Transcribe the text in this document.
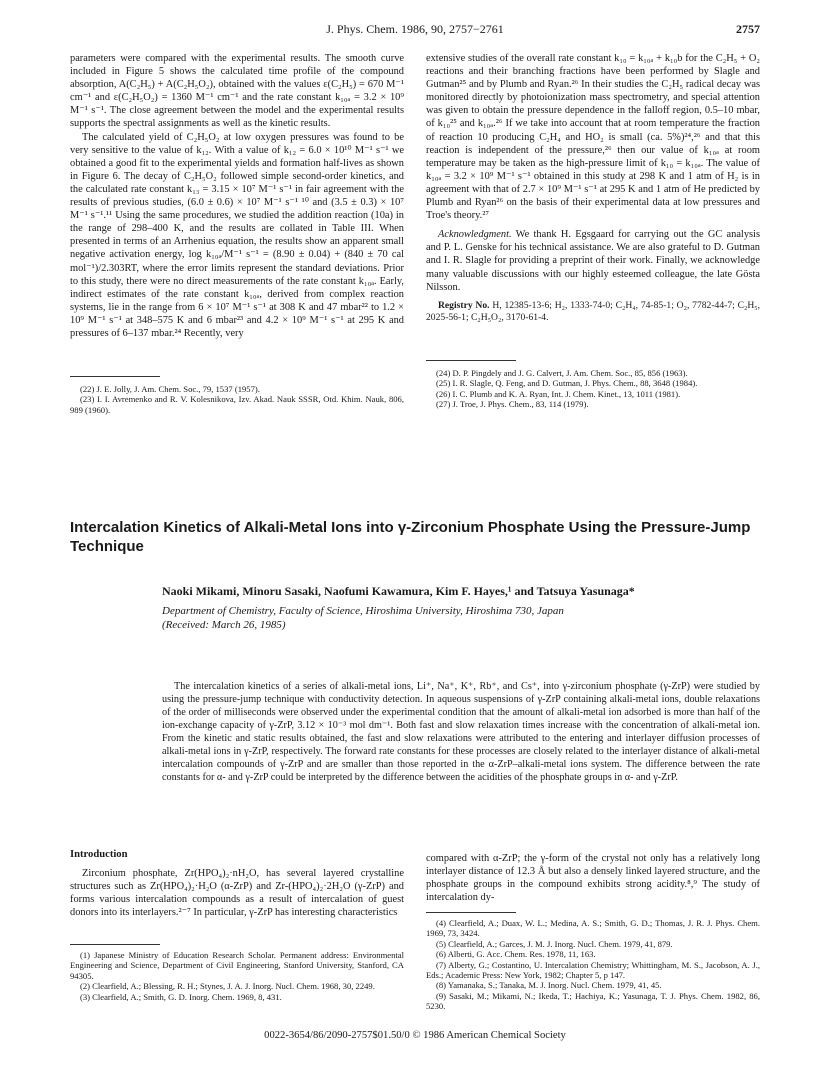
J. Phys. Chem. 1986, 90, 2757−2761	2757

parameters were compared with the experimental results. The smooth curve included in Figure 5 shows the calculated time profile of the compound absorption, A(C₂H₅) + A(C₂H₅O₂), obtained with the values ε(C₂H₅) = 670 M⁻¹ cm⁻¹ and ε(C₂H₅O₂) = 1360 M⁻¹ cm⁻¹ and the rate constant k₁₀ₐ = 3.2 × 10⁹ M⁻¹ s⁻¹. The close agreement between the model and the experimental results supports the spectral assignments as well as the kinetic results.

The calculated yield of C₂H₅O₂ at low oxygen pressures was found to be very sensitive to the value of k₁₂. With a value of k₁₂ = 6.0 × 10¹⁰ M⁻¹ s⁻¹ we obtained a good fit to the experimental yields and formation half-lives as shown in Figure 6. The decay of C₂H₅O₂ followed simple second-order kinetics, and the calculated rate constant k₁₃ = 3.15 × 10⁷ M⁻¹ s⁻¹ in fair agreement with the results of previous studies, (6.0 ± 0.6) × 10⁷ M⁻¹ s⁻¹ ¹⁰ and (3.5 ± 0.3) × 10⁷ M⁻¹ s⁻¹.¹¹ Using the same procedures, we studied the addition reaction (10a) in the range of 298–400 K, and the results are collated in Table III. When presented in terms of an Arrhenius equation, the results show an apparent small negative activation energy, log k₁₀ₐ/M⁻¹ s⁻¹ = (8.90 ± 0.04) + (840 ± 70 cal mol⁻¹)/2.303RT, where the error limits represent the standard deviations. Prior to this study, there were no direct measurements of the rate constant k₁₀ₐ. Early, indirect estimates of the rate constant k₁₀ₐ, derived from complex reaction systems, lie in the range from 6 × 10⁷ M⁻¹ s⁻¹ at 308 K and 47 mbar²² to 1.2 × 10⁹ M⁻¹ s⁻¹ at 348–575 K and 6 mbar²³ and 4.2 × 10⁹ M⁻¹ s⁻¹ at 295 K and pressures of 6–137 mbar.²⁴ Recently, very

(22) J. E. Jolly, J. Am. Chem. Soc., 79, 1537 (1957).
(23) I. I. Avremenko and R. V. Kolesnikova, Izv. Akad. Nauk SSSR, Otd. Khim. Nauk, 806, 989 (1960).

extensive studies of the overall rate constant k₁₀ = k₁₀ₐ + k₁₀b for the C₂H₅ + O₂ reactions and their branching fractions have been performed by Slagle and Gutman²⁵ and by Plumb and Ryan.²⁶ In their studies the C₂H₅ radical decay was monitored directly by photoionization mass spectrometry, and special attention was given to obtain the pressure dependence in the falloff region, 0.5–10 mbar, of k₁₀²⁵ and k₁₀ₐ.²⁶ If we take into account that at room temperature the fraction of reaction 10 producing C₂H₄ and HO₂ is small (ca. 5%)²⁴,²⁶ and that this reaction is independent of the pressure,²⁶ then our value of k₁₀ₐ at room temperature may be taken as the high-pressure limit of k₁₀ = k₁₀ₐ. The value of k₁₀ₐ = 3.2 × 10⁹ M⁻¹ s⁻¹ obtained in this study at 298 K and 1 atm of H₂ is in agreement with that of 2.7 × 10⁹ M⁻¹ s⁻¹ at 295 K and 1 atm of He predicted by Plumb and Ryan²⁶ on the basis of their experimental data at low pressures and Troe's theory.²⁷

Acknowledgment. We thank H. Egsgaard for carrying out the GC analysis and P. L. Genske for his technical assistance. We are also grateful to D. Gutman and I. R. Slagle for providing a preprint of their work. Finally, we acknowledge many valuable discussions with our highly esteemed colleague, the late Gösta Nilsson.

Registry No. H, 12385-13-6; H₂, 1333-74-0; C₂H₄, 74-85-1; O₂, 7782-44-7; C₂H₅, 2025-56-1; C₂H₅O₂, 3170-61-4.

(24) D. P. Pingdely and J. G. Calvert, J. Am. Chem. Soc., 85, 856 (1963).
(25) I. R. Slagle, Q. Feng, and D. Gutman, J. Phys. Chem., 88, 3648 (1984).
(26) I. C. Plumb and K. A. Ryan, Int. J. Chem. Kinet., 13, 1011 (1981).
(27) J. Troe, J. Phys. Chem., 83, 114 (1979).
Intercalation Kinetics of Alkali-Metal Ions into γ-Zirconium Phosphate Using the Pressure-Jump Technique
Naoki Mikami, Minoru Sasaki, Naofumi Kawamura, Kim F. Hayes,¹ and Tatsuya Yasunaga*
Department of Chemistry, Faculty of Science, Hiroshima University, Hiroshima 730, Japan
(Received: March 26, 1985)

The intercalation kinetics of a series of alkali-metal ions, Li⁺, Na⁺, K⁺, Rb⁺, and Cs⁺, into γ-zirconium phosphate (γ-ZrP) were studied by using the pressure-jump technique with conductivity detection. In aqueous suspensions of γ-ZrP containing alkali-metal ions, double relaxations of the order of milliseconds were observed under the experimental condition that the amount of alkali-metal ion adsorbed is more than half of the ion-exchange capacity of γ-ZrP, 3.12 × 10⁻³ mol dm⁻¹. Both fast and slow relaxation times increase with the concentration of alkali-metal ion. From the kinetic and static results obtained, the fast and slow relaxations were attributed to the entering and interlayer diffusion processes of alkali-metal ions in γ-ZrP, respectively. The forward rate constants for these processes are closely related to the interlayer distance of alkali-metal intercalation compounds of γ-ZrP and are smaller than those reported in the α-ZrP–alkali-metal ions system. The difference between the rate constants for α- and γ-ZrP could be interpreted by the difference between the acidities of the phosphate groups in α- and γ-ZrP.

Introduction

Zirconium phosphate, Zr(HPO₄)₂·nH₂O, has several layered crystalline structures such as Zr(HPO₄)₂·H₂O (α-ZrP) and Zr-(HPO₄)₂·2H₂O (γ-ZrP) and forms various intercalation compounds as a result of intercalation of guest donors into its interlayers.²⁻⁷ In particular, γ-ZrP has interesting characteristics

(1) Japanese Ministry of Education Research Scholar. Permanent address: Environmental Engineering and Science, Department of Civil Engineering, Stanford University, Stanford, CA 94305.
(2) Clearfield, A.; Blessing, R. H.; Stynes, J. A. J. Inorg. Nucl. Chem. 1968, 30, 2249.
(3) Clearfield, A.; Smith, G. D. Inorg. Chem. 1969, 8, 431.

compared with α-ZrP; the γ-form of the crystal not only has a relatively long interlayer distance of 12.3 Å but also a densely linked layered structure, and the phosphate groups in the compound exhibits strong acidity.⁸,⁹ The study of intercalation dy-

(4) Clearfield, A.; Duax, W. L.; Medina, A. S.; Smith, G. D.; Thomas, J. R. J. Phys. Chem. 1969, 73, 3424.
(5) Clearfield, A.; Garces, J. M. J. Inorg. Nucl. Chem. 1979, 41, 879.
(6) Alberti, G. Acc. Chem. Res. 1978, 11, 163.
(7) Alberty, G.; Costantino, U. Intercalation Chemistry; Whittingham, M. S., Jacobson, A. J., Eds.; Academic Press: New York, 1982; Chapter 5, p 147.
(8) Yamanaka, S.; Tanaka, M. J. Inorg. Nucl. Chem. 1979, 41, 45.
(9) Sasaki, M.; Mikami, N.; Ikeda, T.; Hachiya, K.; Yasunaga, T. J. Phys. Chem. 1982, 86, 5230.
0022-3654/86/2090-2757$01.50/0 © 1986 American Chemical Society
